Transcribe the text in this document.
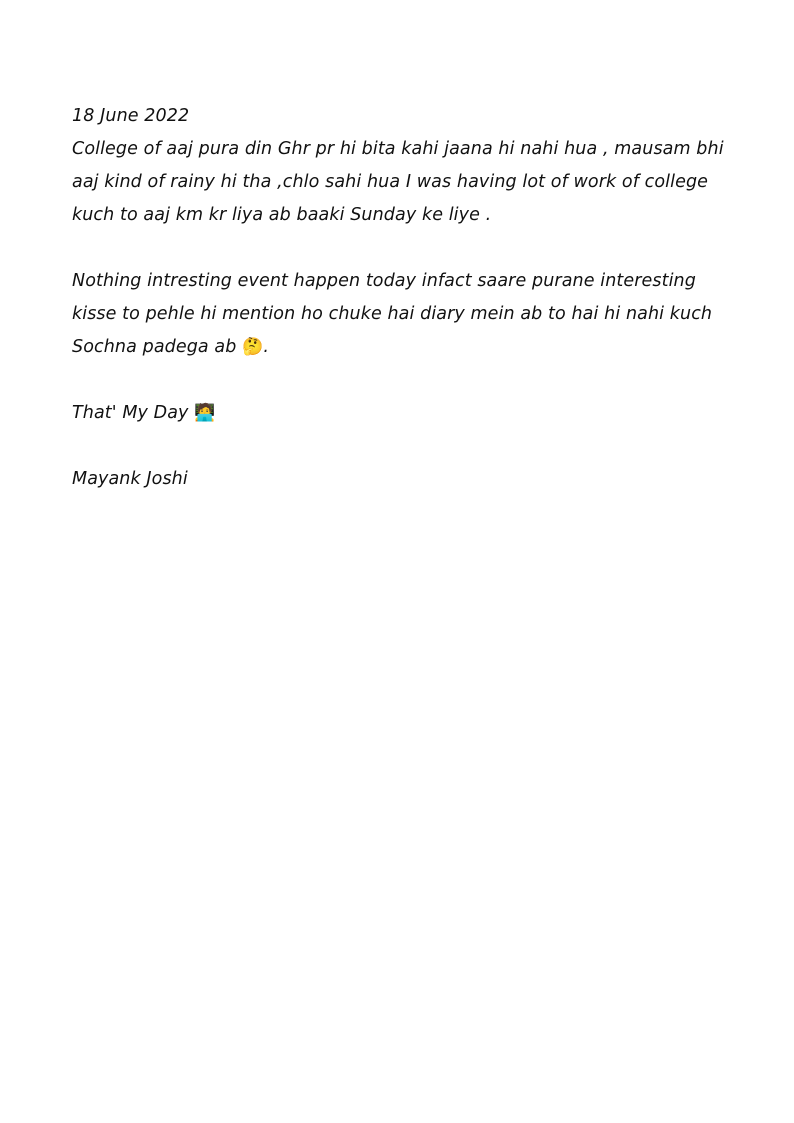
18 June 2022
College of aaj pura din Ghr pr hi bita kahi jaana hi nahi hua , mausam bhi
aaj kind of rainy hi tha ,chlo sahi hua I was having lot of work of college
kuch to aaj km kr liya ab baaki Sunday ke liye .
Nothing intresting event happen today infact saare purane interesting
kisse to pehle hi mention ho chuke hai diary mein ab to hai hi nahi kuch
Sochna padega ab 🤔.
That' My Day 🧑‍💻
Mayank Joshi
